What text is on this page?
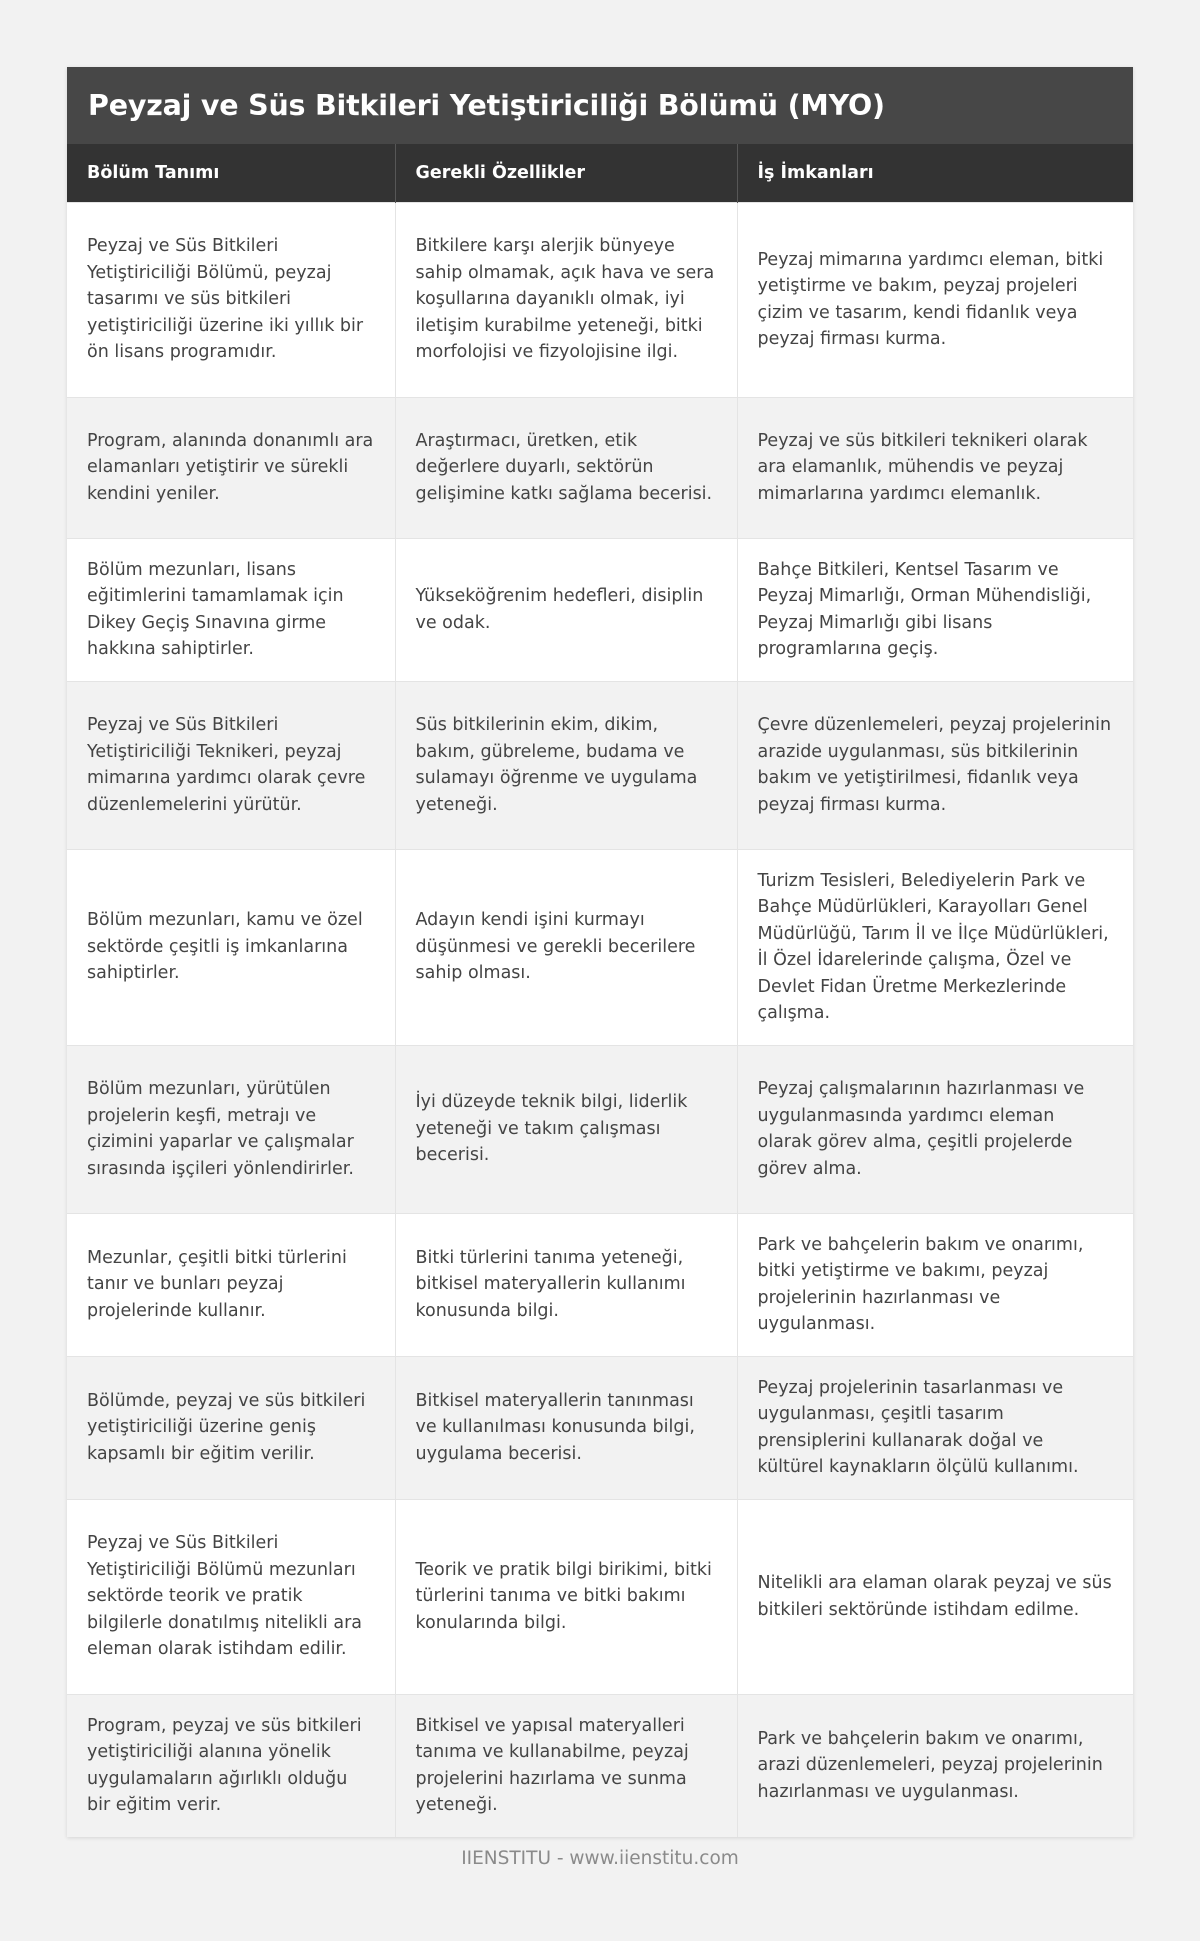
Peyzaj ve Süs Bitkileri Yetiştiriciliği Bölümü (MYO)
Bölüm Tanımı	Gerekli Özellikler	İş İmkanları
Peyzaj ve Süs Bitkileri Yetiştiriciliği Bölümü, peyzaj tasarımı ve süs bitkileri yetiştiriciliği üzerine iki yıllık bir ön lisans programıdır.	Bitkilere karşı alerjik bünyeye sahip olmamak, açık hava ve sera koşullarına dayanıklı olmak, iyi iletişim kurabilme yeteneği, bitki morfolojisi ve fizyolojisine ilgi.	Peyzaj mimarına yardımcı eleman, bitki yetiştirme ve bakım, peyzaj projeleri çizim ve tasarım, kendi fidanlık veya peyzaj firması kurma.
Program, alanında donanımlı ara elamanları yetiştirir ve sürekli kendini yeniler.	Araştırmacı, üretken, etik değerlere duyarlı, sektörün gelişimine katkı sağlama becerisi.	Peyzaj ve süs bitkileri teknikeri olarak ara elamanlık, mühendis ve peyzaj mimarlarına yardımcı elemanlık.
Bölüm mezunları, lisans eğitimlerini tamamlamak için Dikey Geçiş Sınavına girme hakkına sahiptirler.	Yükseköğrenim hedefleri, disiplin ve odak.	Bahçe Bitkileri, Kentsel Tasarım ve Peyzaj Mimarlığı, Orman Mühendisliği, Peyzaj Mimarlığı gibi lisans programlarına geçiş.
Peyzaj ve Süs Bitkileri Yetiştiriciliği Teknikeri, peyzaj mimarına yardımcı olarak çevre düzenlemelerini yürütür.	Süs bitkilerinin ekim, dikim, bakım, gübreleme, budama ve sulamayı öğrenme ve uygulama yeteneği.	Çevre düzenlemeleri, peyzaj projelerinin arazide uygulanması, süs bitkilerinin bakım ve yetiştirilmesi, fidanlık veya peyzaj firması kurma.
Bölüm mezunları, kamu ve özel sektörde çeşitli iş imkanlarına sahiptirler.	Adayın kendi işini kurmayı düşünmesi ve gerekli becerilere sahip olması.	Turizm Tesisleri, Belediyelerin Park ve Bahçe Müdürlükleri, Karayolları Genel Müdürlüğü, Tarım İl ve İlçe Müdürlükleri, İl Özel İdarelerinde çalışma, Özel ve Devlet Fidan Üretme Merkezlerinde çalışma.
Bölüm mezunları, yürütülen projelerin keşfi, metrajı ve çizimini yaparlar ve çalışmalar sırasında işçileri yönlendirirler.	İyi düzeyde teknik bilgi, liderlik yeteneği ve takım çalışması becerisi.	Peyzaj çalışmalarının hazırlanması ve uygulanmasında yardımcı eleman olarak görev alma, çeşitli projelerde görev alma.
Mezunlar, çeşitli bitki türlerini tanır ve bunları peyzaj projelerinde kullanır.	Bitki türlerini tanıma yeteneği, bitkisel materyallerin kullanımı konusunda bilgi.	Park ve bahçelerin bakım ve onarımı, bitki yetiştirme ve bakımı, peyzaj projelerinin hazırlanması ve uygulanması.
Bölümde, peyzaj ve süs bitkileri yetiştiriciliği üzerine geniş kapsamlı bir eğitim verilir.	Bitkisel materyallerin tanınması ve kullanılması konusunda bilgi, uygulama becerisi.	Peyzaj projelerinin tasarlanması ve uygulanması, çeşitli tasarım prensiplerini kullanarak doğal ve kültürel kaynakların ölçülü kullanımı.
Peyzaj ve Süs Bitkileri Yetiştiriciliği Bölümü mezunları sektörde teorik ve pratik bilgilerle donatılmış nitelikli ara eleman olarak istihdam edilir.	Teorik ve pratik bilgi birikimi, bitki türlerini tanıma ve bitki bakımı konularında bilgi.	Nitelikli ara elaman olarak peyzaj ve süs bitkileri sektöründe istihdam edilme.
Program, peyzaj ve süs bitkileri yetiştiriciliği alanına yönelik uygulamaların ağırlıklı olduğu bir eğitim verir.	Bitkisel ve yapısal materyalleri tanıma ve kullanabilme, peyzaj projelerini hazırlama ve sunma yeteneği.	Park ve bahçelerin bakım ve onarımı, arazi düzenlemeleri, peyzaj projelerinin hazırlanması ve uygulanması.
IIENSTITU - www.iienstitu.com
